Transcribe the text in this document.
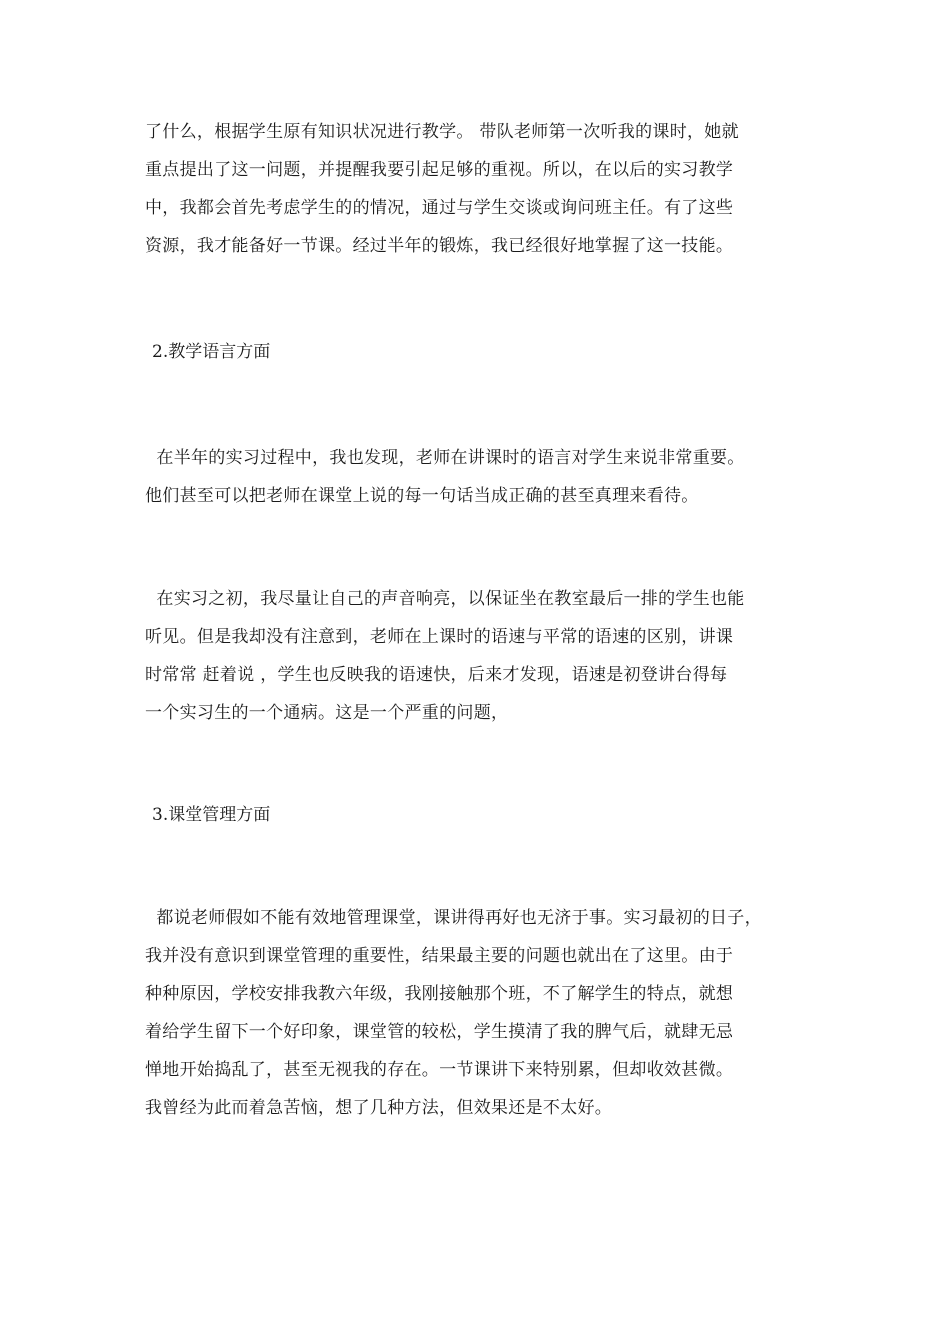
了什么，根据学生原有知识状况进行教学。 带队老师第一次听我的课时，她就
重点提出了这一问题，并提醒我要引起足够的重视。所以，在以后的实习教学
中，我都会首先考虑学生的的情况，通过与学生交谈或询问班主任。有了这些
资源，我才能备好一节课。经过半年的锻炼，我已经很好地掌握了这一技能。
2.教学语言方面
在半年的实习过程中，我也发现，老师在讲课时的语言对学生来说非常重要。
他们甚至可以把老师在课堂上说的每一句话当成正确的甚至真理来看待。
在实习之初，我尽量让自己的声音响亮，以保证坐在教室最后一排的学生也能
听见。但是我却没有注意到，老师在上课时的语速与平常的语速的区别，讲课
时常常 赶着说 ，学生也反映我的语速快，后来才发现，语速是初登讲台得每
一个实习生的一个通病。这是一个严重的问题，
3.课堂管理方面
都说老师假如不能有效地管理课堂，课讲得再好也无济于事。实习最初的日子，
我并没有意识到课堂管理的重要性，结果最主要的问题也就出在了这里。由于
种种原因，学校安排我教六年级，我刚接触那个班，不了解学生的特点，就想
着给学生留下一个好印象，课堂管的较松，学生摸清了我的脾气后，就肆无忌
惮地开始捣乱了，甚至无视我的存在。一节课讲下来特别累，但却收效甚微。
我曾经为此而着急苦恼，想了几种方法，但效果还是不太好。
